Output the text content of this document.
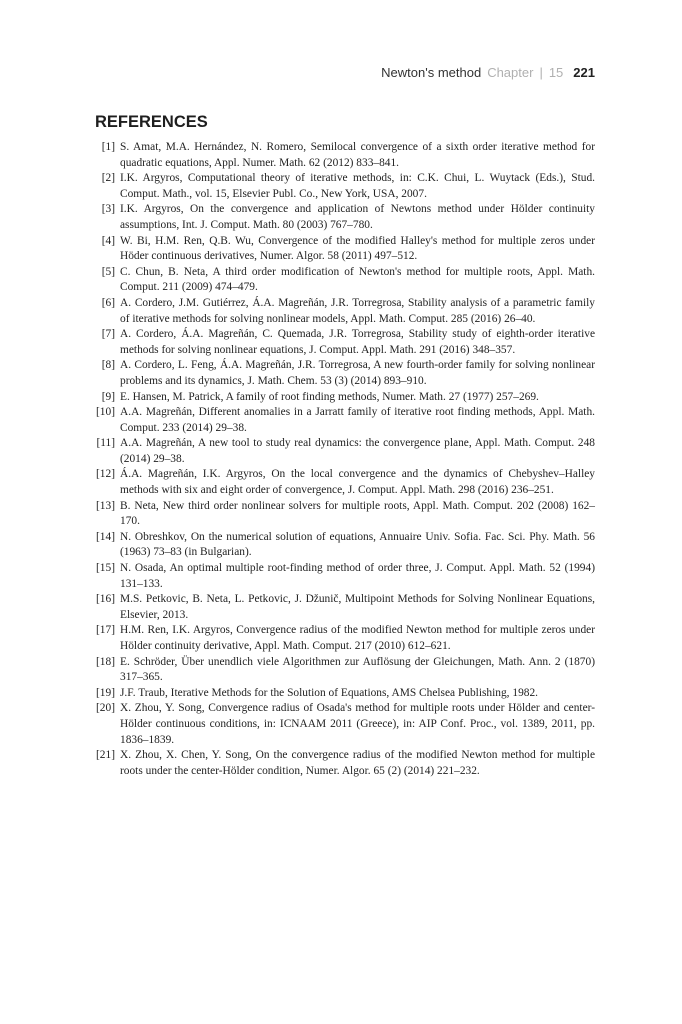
Newton's method Chapter | 15 221
REFERENCES
[1] S. Amat, M.A. Hernández, N. Romero, Semilocal convergence of a sixth order iterative method for quadratic equations, Appl. Numer. Math. 62 (2012) 833–841.
[2] I.K. Argyros, Computational theory of iterative methods, in: C.K. Chui, L. Wuytack (Eds.), Stud. Comput. Math., vol. 15, Elsevier Publ. Co., New York, USA, 2007.
[3] I.K. Argyros, On the convergence and application of Newtons method under Hölder continuity assumptions, Int. J. Comput. Math. 80 (2003) 767–780.
[4] W. Bi, H.M. Ren, Q.B. Wu, Convergence of the modified Halley's method for multiple zeros under Höder continuous derivatives, Numer. Algor. 58 (2011) 497–512.
[5] C. Chun, B. Neta, A third order modification of Newton's method for multiple roots, Appl. Math. Comput. 211 (2009) 474–479.
[6] A. Cordero, J.M. Gutiérrez, Á.A. Magreñán, J.R. Torregrosa, Stability analysis of a parametric family of iterative methods for solving nonlinear models, Appl. Math. Comput. 285 (2016) 26–40.
[7] A. Cordero, Á.A. Magreñán, C. Quemada, J.R. Torregrosa, Stability study of eighth-order iterative methods for solving nonlinear equations, J. Comput. Appl. Math. 291 (2016) 348–357.
[8] A. Cordero, L. Feng, Á.A. Magreñán, J.R. Torregrosa, A new fourth-order family for solving nonlinear problems and its dynamics, J. Math. Chem. 53 (3) (2014) 893–910.
[9] E. Hansen, M. Patrick, A family of root finding methods, Numer. Math. 27 (1977) 257–269.
[10] A.A. Magreñán, Different anomalies in a Jarratt family of iterative root finding methods, Appl. Math. Comput. 233 (2014) 29–38.
[11] A.A. Magreñán, A new tool to study real dynamics: the convergence plane, Appl. Math. Comput. 248 (2014) 29–38.
[12] Á.A. Magreñán, I.K. Argyros, On the local convergence and the dynamics of Chebyshev–Halley methods with six and eight order of convergence, J. Comput. Appl. Math. 298 (2016) 236–251.
[13] B. Neta, New third order nonlinear solvers for multiple roots, Appl. Math. Comput. 202 (2008) 162–170.
[14] N. Obreshkov, On the numerical solution of equations, Annuaire Univ. Sofia. Fac. Sci. Phy. Math. 56 (1963) 73–83 (in Bulgarian).
[15] N. Osada, An optimal multiple root-finding method of order three, J. Comput. Appl. Math. 52 (1994) 131–133.
[16] M.S. Petkovic, B. Neta, L. Petkovic, J. Džunič, Multipoint Methods for Solving Nonlinear Equations, Elsevier, 2013.
[17] H.M. Ren, I.K. Argyros, Convergence radius of the modified Newton method for multiple zeros under Hölder continuity derivative, Appl. Math. Comput. 217 (2010) 612–621.
[18] E. Schröder, Über unendlich viele Algorithmen zur Auflösung der Gleichungen, Math. Ann. 2 (1870) 317–365.
[19] J.F. Traub, Iterative Methods for the Solution of Equations, AMS Chelsea Publishing, 1982.
[20] X. Zhou, Y. Song, Convergence radius of Osada's method for multiple roots under Hölder and center-Hölder continuous conditions, in: ICNAAM 2011 (Greece), in: AIP Conf. Proc., vol. 1389, 2011, pp. 1836–1839.
[21] X. Zhou, X. Chen, Y. Song, On the convergence radius of the modified Newton method for multiple roots under the center-Hölder condition, Numer. Algor. 65 (2) (2014) 221–232.
